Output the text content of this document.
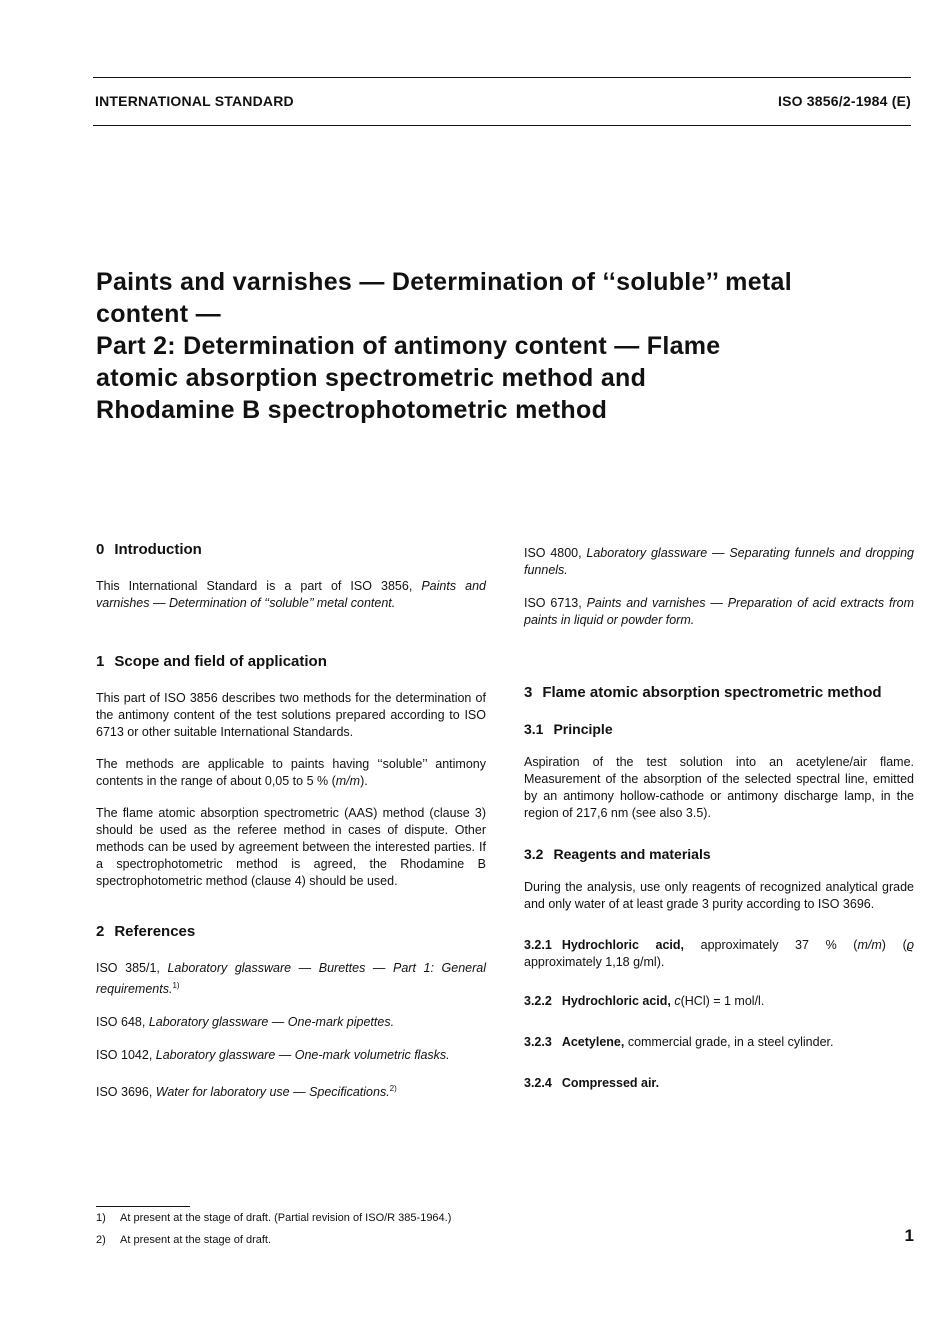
INTERNATIONAL STANDARD	ISO 3856/2-1984 (E)
Paints and varnishes — Determination of ‘‘soluble’’ metal
content —
Part 2: Determination of antimony content — Flame
atomic absorption spectrometric method and
Rhodamine B spectrophotometric method
0 Introduction

This International Standard is a part of ISO 3856, Paints and varnishes — Determination of ‘‘soluble’’ metal content.

1 Scope and field of application

This part of ISO 3856 describes two methods for the determination of the antimony content of the test solutions prepared according to ISO 6713 or other suitable International Standards.

The methods are applicable to paints having ‘‘soluble’’ antimony contents in the range of about 0,05 to 5 % (m/m).

The flame atomic absorption spectrometric (AAS) method (clause 3) should be used as the referee method in cases of dispute. Other methods can be used by agreement between the interested parties. If a spectrophotometric method is agreed, the Rhodamine B spectrophotometric method (clause 4) should be used.

2 References

ISO 385/1, Laboratory glassware — Burettes — Part 1: General requirements.$^{1)}$

ISO 648, Laboratory glassware — One-mark pipettes.

ISO 1042, Laboratory glassware — One-mark volumetric flasks.

ISO 3696, Water for laboratory use — Specifications.$^{2)}$

ISO 4800, Laboratory glassware — Separating funnels and dropping funnels.

ISO 6713, Paints and varnishes — Preparation of acid extracts from paints in liquid or powder form.

3 Flame atomic absorption spectrometric method
3.1 Principle

Aspiration of the test solution into an acetylene/air flame. Measurement of the absorption of the selected spectral line, emitted by an antimony hollow-cathode or antimony discharge lamp, in the region of 217,6 nm (see also 3.5).

3.2 Reagents and materials

During the analysis, use only reagents of recognized analytical grade and only water of at least grade 3 purity according to ISO 3696.

3.2.1 Hydrochloric acid, approximately 37 % (m/m) (ϱ approximately 1,18 g/ml).

3.2.2 Hydrochloric acid, c(HCl) = 1 mol/l.

3.2.3 Acetylene, commercial grade, in a steel cylinder.

3.2.4 Compressed air.

1) At present at the stage of draft. (Partial revision of ISO/R 385-1964.)
2) At present at the stage of draft.	1
